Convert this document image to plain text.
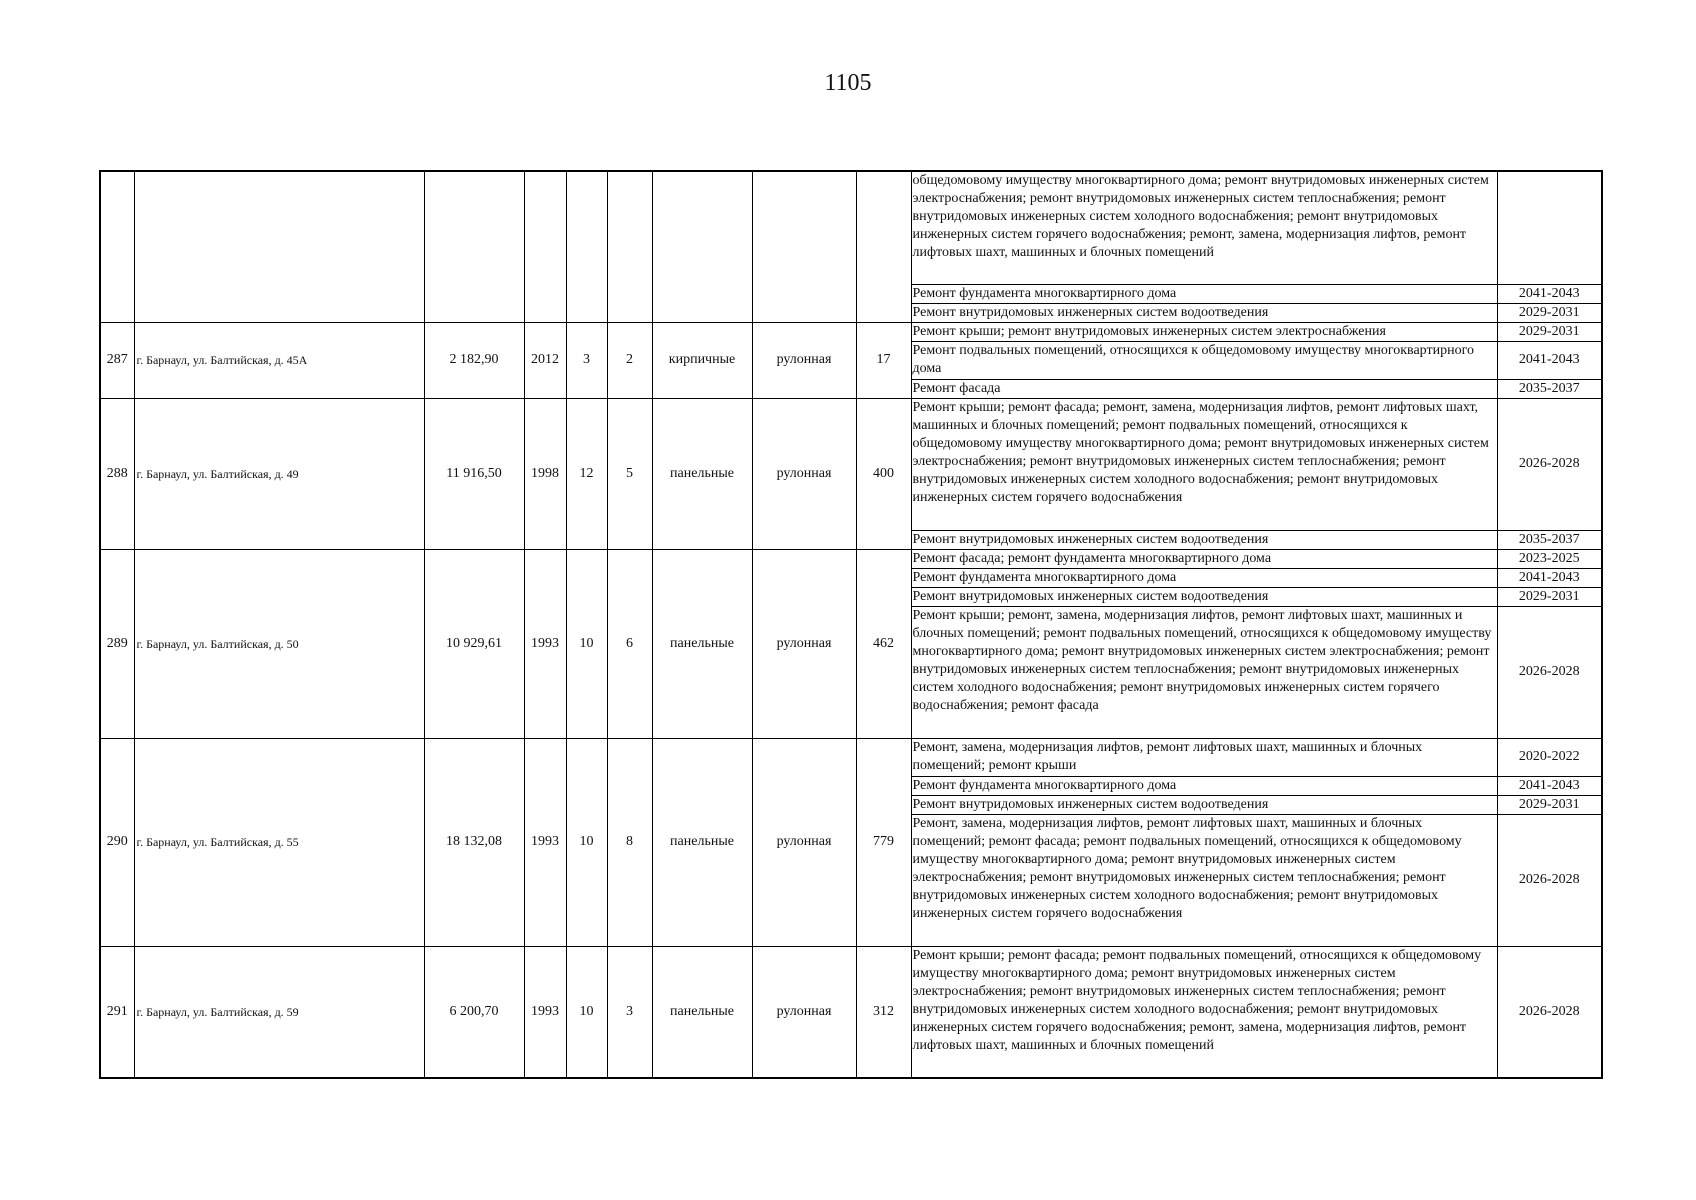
1105
									общедомовому имуществу многоквартирного дома; ремонт внутридомовых инженерных систем электроснабжения; ремонт внутридомовых инженерных систем теплоснабжения; ремонт внутридомовых инженерных систем холодного водоснабжения; ремонт внутридомовых инженерных систем горячего водоснабжения; ремонт, замена, модернизация лифтов, ремонт лифтовых шахт, машинных и блочных помещений	
									Ремонт фундамента многоквартирного дома	2041-2043
									Ремонт внутридомовых инженерных систем водоотведения	2029-2031
287	г. Барнаул, ул. Балтийская, д. 45А	2 182,90	2012	3	2	кирпичные	рулонная	17	Ремонт крыши; ремонт внутридомовых инженерных систем электроснабжения	2029-2031
									Ремонт подвальных помещений, относящихся к общедомовому имуществу многоквартирного дома	2041-2043
									Ремонт фасада	2035-2037
288	г. Барнаул, ул. Балтийская, д. 49	11 916,50	1998	12	5	панельные	рулонная	400	Ремонт крыши; ремонт фасада; ремонт, замена, модернизация лифтов, ремонт лифтовых шахт, машинных и блочных помещений; ремонт подвальных помещений, относящихся к общедомовому имуществу многоквартирного дома; ремонт внутридомовых инженерных систем электроснабжения; ремонт внутридомовых инженерных систем теплоснабжения; ремонт внутридомовых инженерных систем холодного водоснабжения; ремонт внутридомовых инженерных систем горячего водоснабжения	2026-2028
									Ремонт внутридомовых инженерных систем водоотведения	2035-2037
289	г. Барнаул, ул. Балтийская, д. 50	10 929,61	1993	10	6	панельные	рулонная	462	Ремонт фасада; ремонт фундамента многоквартирного дома	2023-2025
									Ремонт фундамента многоквартирного дома	2041-2043
									Ремонт внутридомовых инженерных систем водоотведения	2029-2031
									Ремонт крыши; ремонт, замена, модернизация лифтов, ремонт лифтовых шахт, машинных и блочных помещений; ремонт подвальных помещений, относящихся к общедомовому имуществу многоквартирного дома; ремонт внутридомовых инженерных систем электроснабжения; ремонт внутридомовых инженерных систем теплоснабжения; ремонт внутридомовых инженерных систем холодного водоснабжения; ремонт внутридомовых инженерных систем горячего водоснабжения; ремонт фасада	2026-2028
290	г. Барнаул, ул. Балтийская, д. 55	18 132,08	1993	10	8	панельные	рулонная	779	Ремонт, замена, модернизация лифтов, ремонт лифтовых шахт, машинных и блочных помещений; ремонт крыши	2020-2022
									Ремонт фундамента многоквартирного дома	2041-2043
									Ремонт внутридомовых инженерных систем водоотведения	2029-2031
									Ремонт, замена, модернизация лифтов, ремонт лифтовых шахт, машинных и блочных помещений; ремонт фасада; ремонт подвальных помещений, относящихся к общедомовому имуществу многоквартирного дома; ремонт внутридомовых инженерных систем электроснабжения; ремонт внутридомовых инженерных систем теплоснабжения; ремонт внутридомовых инженерных систем холодного водоснабжения; ремонт внутридомовых инженерных систем горячего водоснабжения	2026-2028
291	г. Барнаул, ул. Балтийская, д. 59	6 200,70	1993	10	3	панельные	рулонная	312	Ремонт крыши; ремонт фасада; ремонт подвальных помещений, относящихся к общедомовому имуществу многоквартирного дома; ремонт внутридомовых инженерных систем электроснабжения; ремонт внутридомовых инженерных систем теплоснабжения; ремонт внутридомовых инженерных систем холодного водоснабжения; ремонт внутридомовых инженерных систем горячего водоснабжения; ремонт, замена, модернизация лифтов, ремонт лифтовых шахт, машинных и блочных помещений	2026-2028
